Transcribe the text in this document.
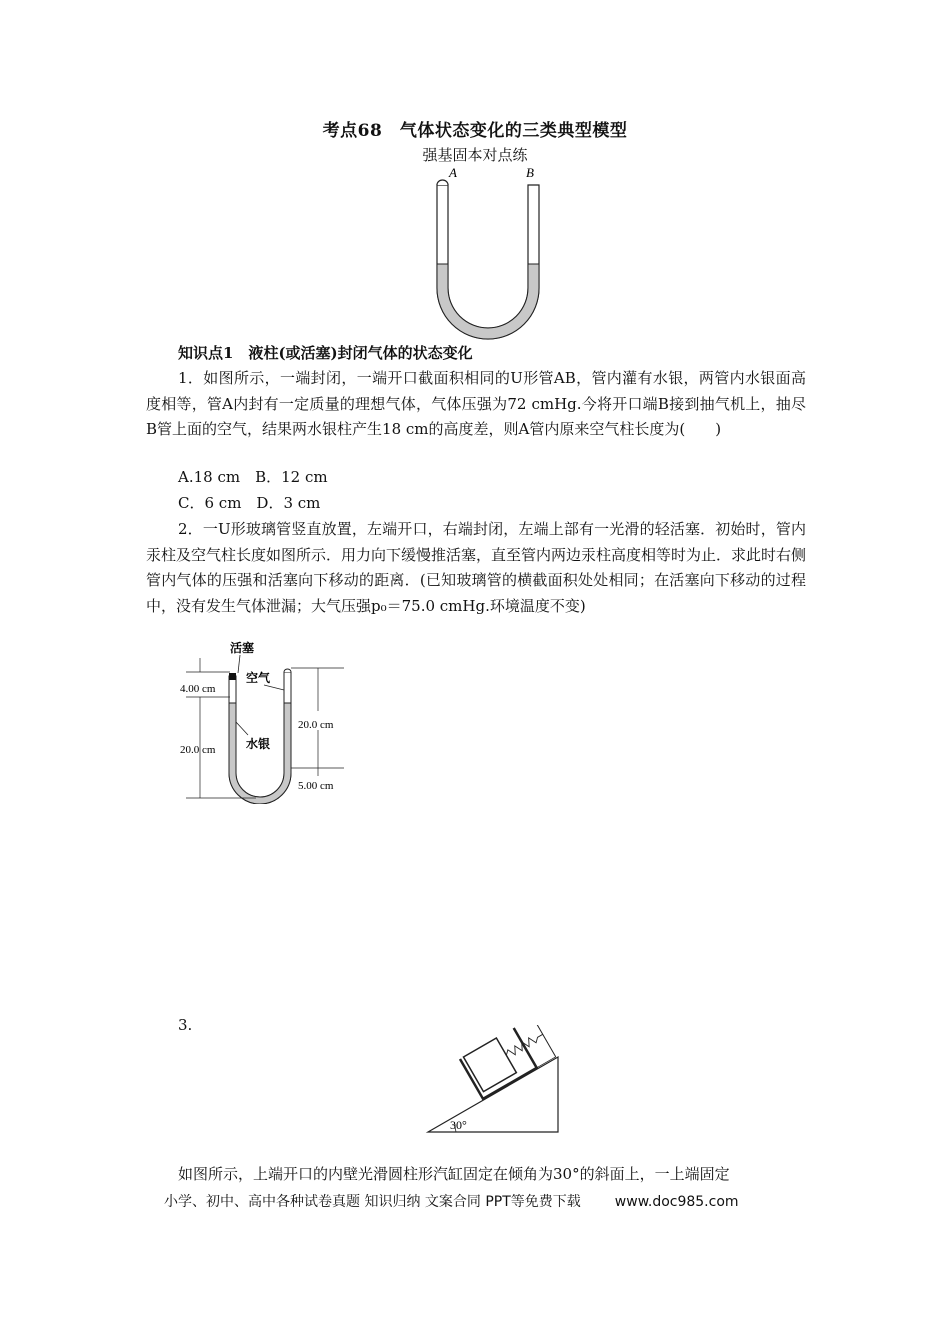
考点68　气体状态变化的三类典型模型
强基固本对点练
A	B
知识点1　液柱(或活塞)封闭气体的状态变化
1．如图所示，一端封闭，一端开口截面积相同的U形管AB，管内灌有水银，两管内水银面高度相等，管A内封有一定质量的理想气体，气体压强为72 cmHg.今将开口端B接到抽气机上，抽尽B管上面的空气，结果两水银柱产生18 cm的高度差，则A管内原来空气柱长度为(　　)
A.18 cm　B．12 cm
C．6 cm　D．3 cm
2．一U形玻璃管竖直放置，左端开口，右端封闭，左端上部有一光滑的轻活塞．初始时，管内汞柱及空气柱长度如图所示．用力向下缓慢推活塞，直至管内两边汞柱高度相等时为止．求此时右侧管内气体的压强和活塞向下移动的距离．(已知玻璃管的横截面积处处相同；在活塞向下移动的过程中，没有发生气体泄漏；大气压强p₀＝75.0 cmHg.环境温度不变)
活塞
空气
水银
4.00 cm
20.0 cm
20.0 cm
5.00 cm
3.
30°
如图所示，上端开口的内壁光滑圆柱形汽缸固定在倾角为30°的斜面上，一上端固定
小学、初中、高中各种试卷真题 知识归纳 文案合同 PPT等免费下载 www.doc985.com
